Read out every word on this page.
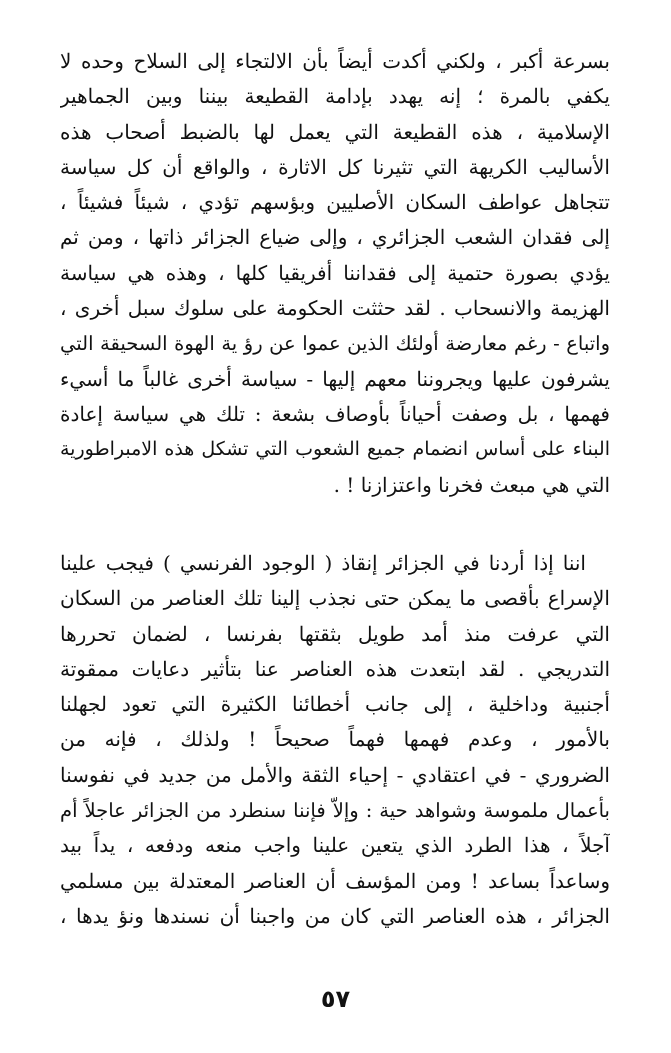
بسرعة أكبر ، ولكني أكدت أيضاً بأن الالتجاء إلى السلاح وحده لا
يكفي بالمرة ؛ إنه يهدد بإدامة القطيعة بيننا وبين الجماهير
الإسلامية ، هذه القطيعة التي يعمل لها بالضبط أصحاب هذه
الأساليب الكريهة التي تثيرنا كل الاثارة ، والواقع أن كل سياسة
تتجاهل عواطف السكان الأصليين وبؤسهم تؤدي ، شيئاً فشيئاً ،
إلى فقدان الشعب الجزائري ، وإلى ضياع الجزائر ذاتها ، ومن ثم
يؤدي بصورة حتمية إلى فقداننا أفريقيا كلها ، وهذه هي سياسة
الهزيمة والانسحاب . لقد حثثت الحكومة على سلوك سبل أخرى ،
واتباع - رغم معارضة أولئك الذين عموا عن رؤ ية الهوة السحيقة التي
يشرفون عليها ويجروننا معهم إليها - سياسة أخرى غالباً ما أسيء
فهمها ، بل وصفت أحياناً بأوصاف بشعة : تلك هي سياسة إعادة
البناء على أساس انضمام جميع الشعوب التي تشكل هذه الامبراطورية
التي هي مبعث فخرنا واعتزازنا ! .
اننا إذا أردنا في الجزائر إنقاذ ( الوجود الفرنسي ) فيجب علينا
الإسراع بأقصى ما يمكن حتى نجذب إلينا تلك العناصر من السكان
التي عرفت منذ أمد طويل بثقتها بفرنسا ، لضمان تحررها
التدريجي . لقد ابتعدت هذه العناصر عنا بتأثير دعايات ممقوتة
أجنبية وداخلية ، إلى جانب أخطائنا الكثيرة التي تعود لجهلنا
بالأمور ، وعدم فهمها فهماً صحيحاً ! ولذلك ، فإنه من
الضروري - في اعتقادي - إحياء الثقة والأمل من جديد في نفوسنا
بأعمال ملموسة وشواهد حية : وإلاّ فإننا سنطرد من الجزائر عاجلاً أم
آجلاً ، هذا الطرد الذي يتعين علينا واجب منعه ودفعه ، يداً بيد
وساعداً بساعد ! ومن المؤسف أن العناصر المعتدلة بين مسلمي
الجزائر ، هذه العناصر التي كان من واجبنا أن نسندها ونؤ يدها ،
٥٧
